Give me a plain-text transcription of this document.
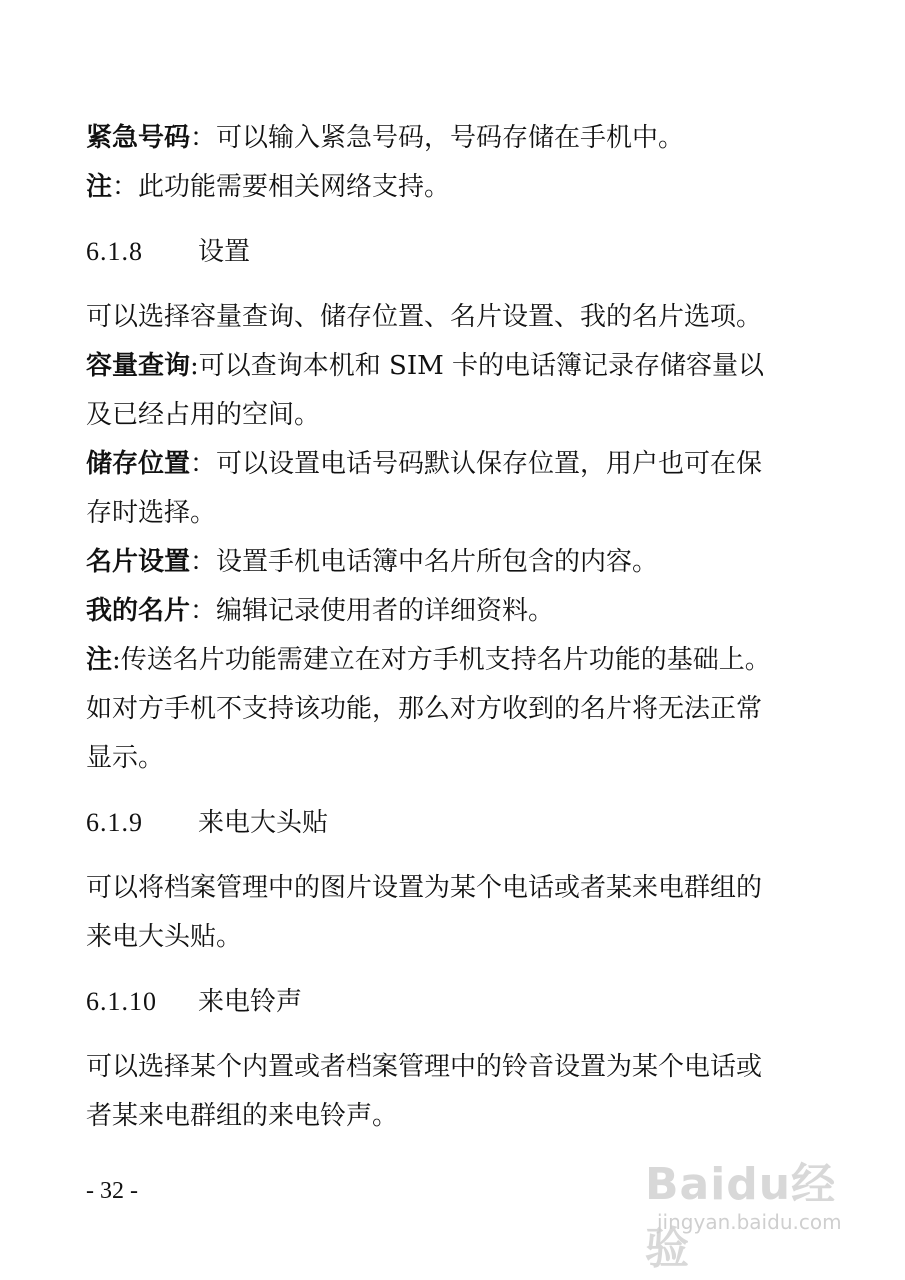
紧急号码：可以输入紧急号码，号码存储在手机中。
注：此功能需要相关网络支持。
6.1.8 设置
可以选择容量查询、储存位置、名片设置、我的名片选项。
容量查询:可以查询本机和 SIM 卡的电话簿记录存储容量以
及已经占用的空间。
储存位置：可以设置电话号码默认保存位置，用户也可在保
存时选择。
名片设置：设置手机电话簿中名片所包含的内容。
我的名片：编辑记录使用者的详细资料。
注:传送名片功能需建立在对方手机支持名片功能的基础上。
如对方手机不支持该功能，那么对方收到的名片将无法正常
显示。
6.1.9 来电大头贴
可以将档案管理中的图片设置为某个电话或者某来电群组的
来电大头贴。
6.1.10 来电铃声
可以选择某个内置或者档案管理中的铃音设置为某个电话或
者某来电群组的来电铃声。
- 32 -	Baidu经验
jingyan.baidu.com
